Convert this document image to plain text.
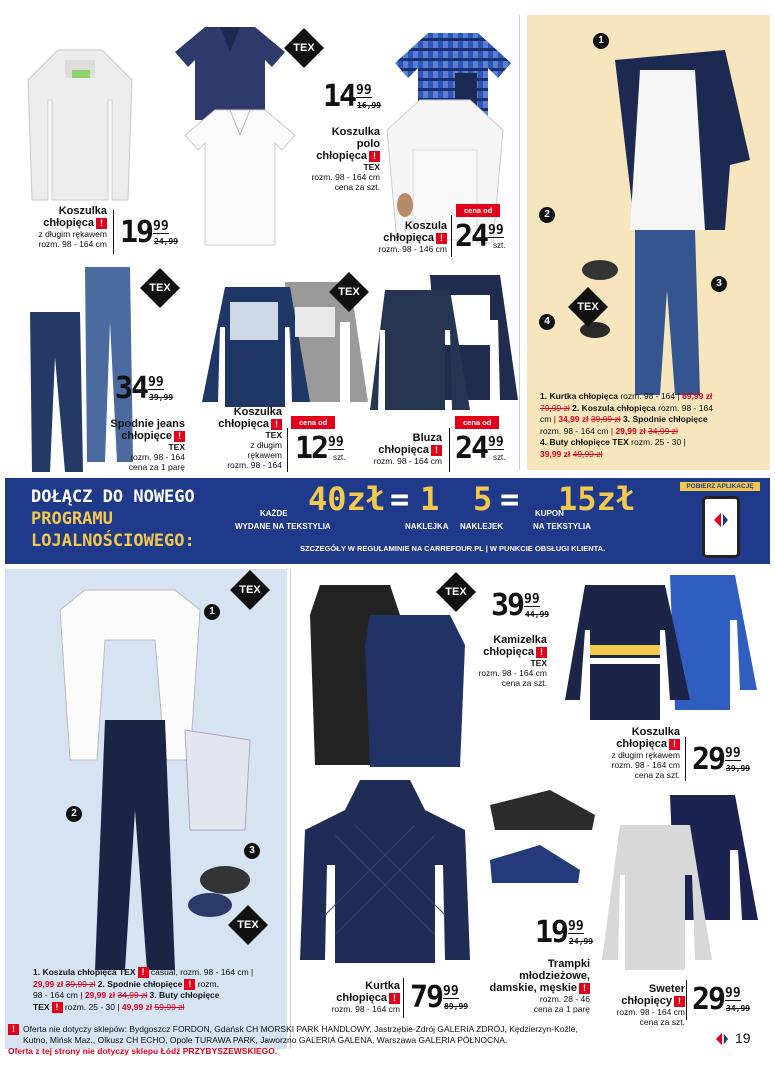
TEX
TEX	TEX
TEX
TEX	TEX
TEX
1
2
3
4
1
2
3
Koszulka
chłopięca !
z długim rękawem
rozm. 98 - 164 cm 19 99
24,99
14 99
16,99
Koszulka
polo
chłopięca !
TEX
rozm. 98 - 164 cm
cena za szt.
Koszula
chłopięca !
rozm. 98 - 146 cm
cena od
24 99
szt.
34 99
39,99
Spodnie jeans
chłopięce !
TEX
rozm. 98 - 164
cena za 1 parę
Koszulka
chłopięca !
TEX
z długim
rękawem
rozm. 98 - 164
cena od
12 99
szt.
Bluza
chłopięca !
rozm. 98 - 164 cm
cena od
24 99
szt.
1. Kurtka chłopięca rozm. 98 - 164 | 69,99 zł
79,99 zł 2. Koszula chłopięca rozm. 98 - 164
cm | 34,99 zł 39,99 zł 3. Spodnie chłopięce
rozm. 98 - 164 cm | 29,99 zł 34,99 zł
4. Buty chłopięce TEX rozm. 25 - 30 |
39,99 zł 49,99 zł
DOŁĄCZ DO NOWEGO
PROGRAMU
LOJALNOŚCIOWEGO:
KAŻDE
WYDANE NA TEKSTYLIA
40zł = 1
NAKLEJKA
5 =
NAKLEJEK
KUPON
15zł
NA TEKSTYLIA
SZCZEGÓŁY W REGULAMINIE NA CARREFOUR.PL | W PUNKCIE OBSŁUGI KLIENTA.
POBIERZ APLIKACJĘ
39 99
44,99
Kamizelka
chłopięca !
TEX
rozm. 98 - 164 cm
cena za szt.
Koszulka
chłopięca !
z długim rękawem
rozm. 98 - 164 cm
cena za szt. 29 99
39,99
19 99
24,99
Trampki
młodzieżowe,
damskie, męskie !
rozm. 28 - 46
cena za 1 parę
Kurtka
chłopięca !
rozm. 98 - 164 cm 79 99
89,99
Sweter
chłopięcy !
rozm. 98 - 164 cm
cena za szt.
29 99
34,99
1. Koszula chłopięca TEX ! casual, rozm. 98 - 164 cm |
29,99 zł 39,99 zł 2. Spodnie chłopięce ! rozm.
98 - 164 cm | 29,99 zł 34,99 zł 3. Buty chłopięce
TEX ! rozm. 25 - 30 | 49,99 zł 59,99 zł
! Oferta nie dotyczy sklepów: Bydgoszcz FORDON, Gdańsk CH MORSKI PARK HANDLOWY, Jastrzębie-Zdrój GALERIA ZDRÓJ, Kędzierzyn-Koźle,
Kutno, Mińsk Maz., Olkusz CH ECHO, Opole TURAWA PARK, Jaworzno GALERIA GALENA, Warszawa GALERIA PÓŁNOCNA.
Oferta z tej strony nie dotyczy sklepu Łódź PRZYBYSZEWSKIEGO.
19
